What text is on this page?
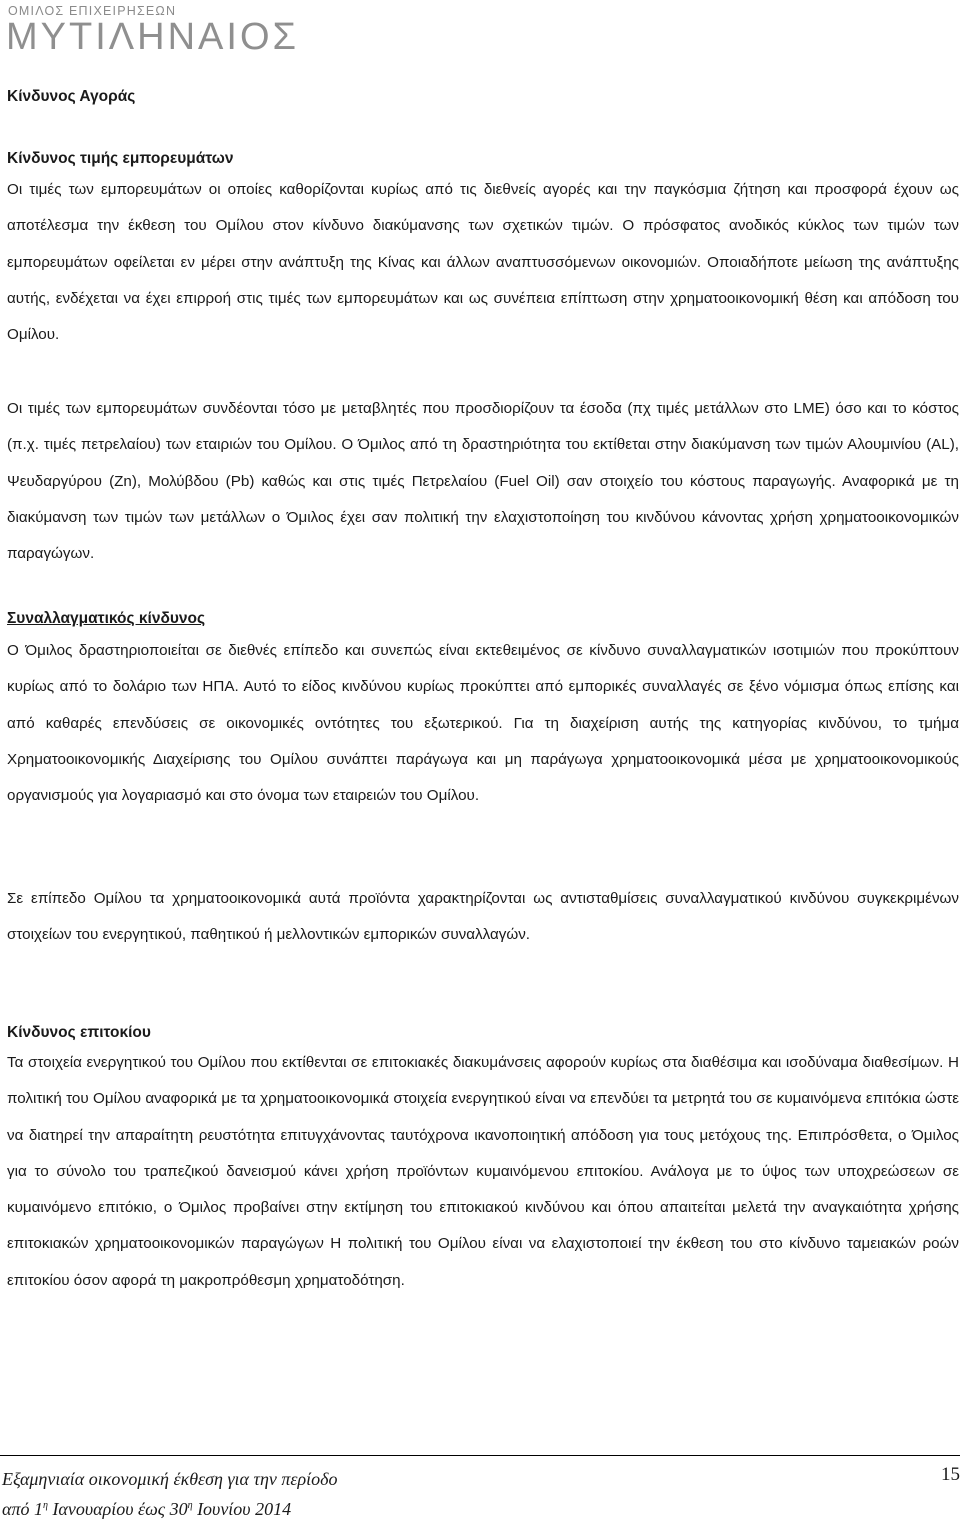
ΟΜΙΛΟΣ ΕΠΙΧΕΙΡΗΣΕΩΝ
ΜΥΤΙΛΗΝΑΙΟΣ
Κίνδυνος Αγοράς
Κίνδυνος τιμής εμπορευμάτων

Οι τιμές των εμπορευμάτων οι οποίες καθορίζονται κυρίως από τις διεθνείς αγορές και την παγκόσμια ζήτηση και προσφορά έχουν ως αποτέλεσμα την έκθεση του Ομίλου στον κίνδυνο διακύμανσης των σχετικών τιμών. Ο πρόσφατος ανοδικός κύκλος των τιμών των εμπορευμάτων οφείλεται εν μέρει στην ανάπτυξη της Κίνας και άλλων αναπτυσσόμενων οικονομιών. Οποιαδήποτε μείωση της ανάπτυξης αυτής, ενδέχεται να έχει επιρροή στις τιμές των εμπορευμάτων και ως συνέπεια επίπτωση στην χρηματοοικονομική θέση και απόδοση του Ομίλου.

Οι τιμές των εμπορευμάτων συνδέονται τόσο με μεταβλητές που προσδιορίζουν τα έσοδα (πχ τιμές μετάλλων στο LME) όσο και το κόστος (π.χ. τιμές πετρελαίου) των εταιριών του Ομίλου. Ο Όμιλος από τη δραστηριότητα του εκτίθεται στην διακύμανση των τιμών Αλουμινίου (AL), Ψευδαργύρου (Zn), Μολύβδου (Pb) καθώς και στις τιμές Πετρελαίου (Fuel Oil) σαν στοιχείο του κόστους παραγωγής. Αναφορικά με τη διακύμανση των τιμών των μετάλλων ο Όμιλος έχει σαν πολιτική την ελαχιστοποίηση του κινδύνου κάνοντας χρήση χρηματοοικονομικών παραγώγων.

Συναλλαγματικός κίνδυνος

Ο Όμιλος δραστηριοποιείται σε διεθνές επίπεδο και συνεπώς είναι εκτεθειμένος σε κίνδυνο συναλλαγματικών ισοτιμιών που προκύπτουν κυρίως από το δολάριο των ΗΠΑ. Αυτό το είδος κινδύνου κυρίως προκύπτει από εμπορικές συναλλαγές σε ξένο νόμισμα όπως επίσης και από καθαρές επενδύσεις σε οικονομικές οντότητες του εξωτερικού. Για τη διαχείριση αυτής της κατηγορίας κινδύνου, το τμήμα Χρηματοοικονομικής Διαχείρισης του Ομίλου συνάπτει παράγωγα και μη παράγωγα χρηματοοικονομικά μέσα με χρηματοοικονομικούς οργανισμούς για λογαριασμό και στο όνομα των εταιρειών του Ομίλου.

Σε επίπεδο Ομίλου τα χρηματοοικονομικά αυτά προϊόντα χαρακτηρίζονται ως αντισταθμίσεις συναλλαγματικού κινδύνου συγκεκριμένων στοιχείων του ενεργητικού, παθητικού ή μελλοντικών εμπορικών συναλλαγών.

Κίνδυνος επιτοκίου

Τα στοιχεία ενεργητικού του Ομίλου που εκτίθενται σε επιτοκιακές διακυμάνσεις αφορούν κυρίως στα διαθέσιμα και ισοδύναμα διαθεσίμων. Η πολιτική του Ομίλου αναφορικά με τα χρηματοοικονομικά στοιχεία ενεργητικού είναι να επενδύει τα μετρητά του σε κυμαινόμενα επιτόκια ώστε να διατηρεί την απαραίτητη ρευστότητα επιτυγχάνοντας ταυτόχρονα ικανοποιητική απόδοση για τους μετόχους της. Επιπρόσθετα, ο Όμιλος για το σύνολο του τραπεζικού δανεισμού κάνει χρήση προϊόντων κυμαινόμενου επιτοκίου. Ανάλογα με το ύψος των υποχρεώσεων σε κυμαινόμενο επιτόκιο, ο Όμιλος προβαίνει στην εκτίμηση του επιτοκιακού κινδύνου και όπου απαιτείται μελετά την αναγκαιότητα χρήσης επιτοκιακών χρηματοοικονομικών παραγώγων Η πολιτική του Ομίλου είναι να ελαχιστοποιεί την έκθεση του στο κίνδυνο ταμειακών ροών επιτοκίου όσον αφορά τη μακροπρόθεσμη χρηματοδότηση.

Εξαμηνιαία οικονομική έκθεση για την περίοδο
από $1^\eta$ Ιανουαρίου έως $30^\eta$ Ιουνίου 2014
15
